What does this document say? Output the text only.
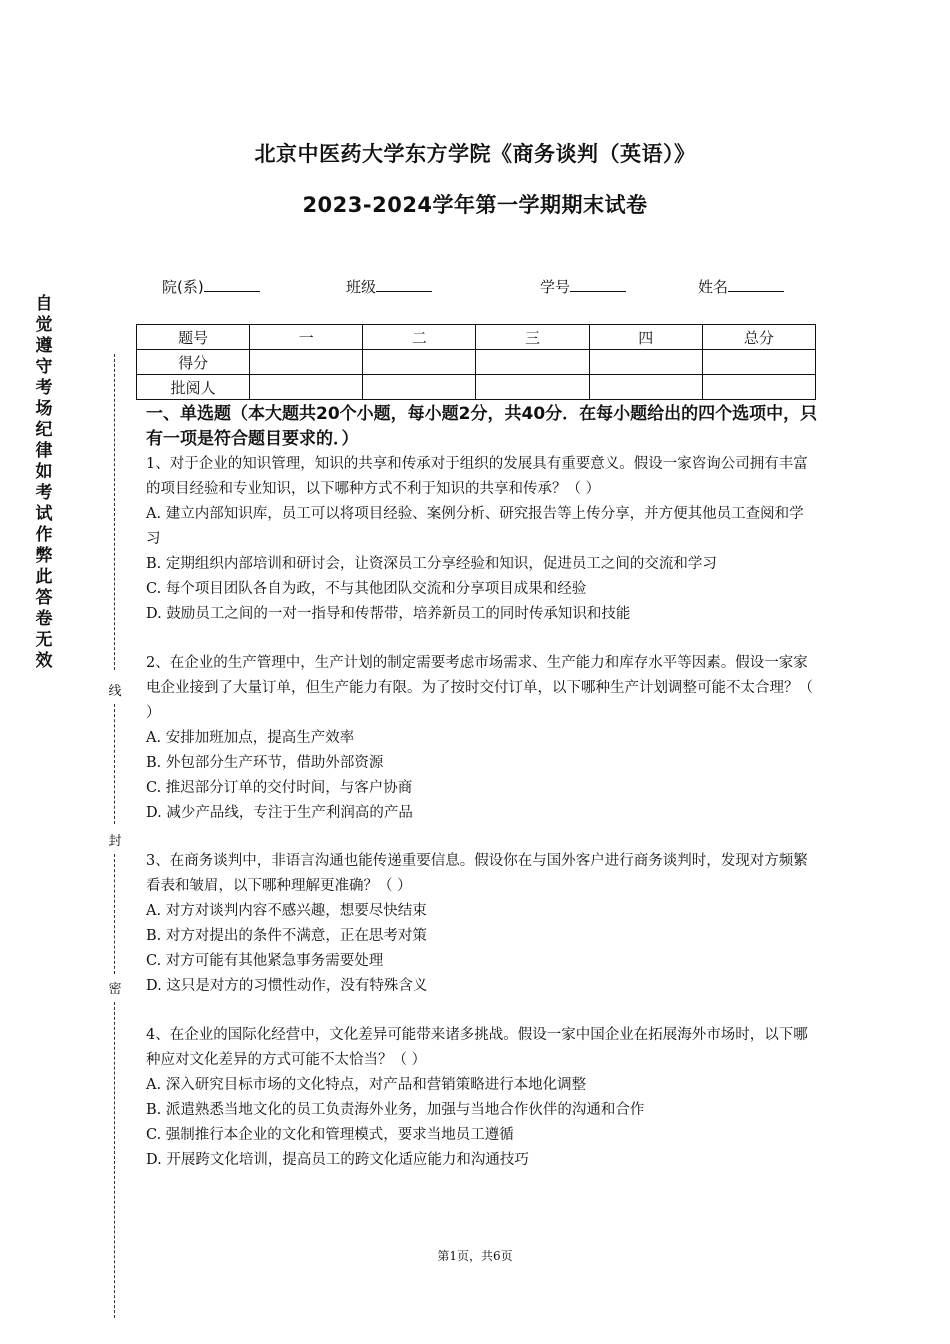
北京中医药大学东方学院《商务谈判（英语）》
2023-2024学年第一学期期末试卷
院(系)	班级	学号	姓名
题号	一	二	三	四	总分
得分					
批阅人					
自觉遵守考场纪律如考试作弊此答卷无效
线
封
密
一、单选题（本大题共20个小题，每小题2分，共40分．在每小题给出的四个选项中，只有一项是符合题目要求的．）

1、对于企业的知识管理，知识的共享和传承对于组织的发展具有重要意义。假设一家咨询公司拥有丰富的项目经验和专业知识，以下哪种方式不利于知识的共享和传承？（ ）

A. 建立内部知识库，员工可以将项目经验、案例分析、研究报告等上传分享，并方便其他员工查阅和学习

B. 定期组织内部培训和研讨会，让资深员工分享经验和知识，促进员工之间的交流和学习

C. 每个项目团队各自为政，不与其他团队交流和分享项目成果和经验

D. 鼓励员工之间的一对一指导和传帮带，培养新员工的同时传承知识和技能

2、在企业的生产管理中，生产计划的制定需要考虑市场需求、生产能力和库存水平等因素。假设一家家电企业接到了大量订单，但生产能力有限。为了按时交付订单，以下哪种生产计划调整可能不太合理？（ ）

A. 安排加班加点，提高生产效率

B. 外包部分生产环节，借助外部资源

C. 推迟部分订单的交付时间，与客户协商

D. 减少产品线，专注于生产利润高的产品

3、在商务谈判中，非语言沟通也能传递重要信息。假设你在与国外客户进行商务谈判时，发现对方频繁看表和皱眉，以下哪种理解更准确？（ ）

A. 对方对谈判内容不感兴趣，想要尽快结束

B. 对方对提出的条件不满意，正在思考对策

C. 对方可能有其他紧急事务需要处理

D. 这只是对方的习惯性动作，没有特殊含义

4、在企业的国际化经营中，文化差异可能带来诸多挑战。假设一家中国企业在拓展海外市场时，以下哪种应对文化差异的方式可能不太恰当？（ ）

A. 深入研究目标市场的文化特点，对产品和营销策略进行本地化调整

B. 派遣熟悉当地文化的员工负责海外业务，加强与当地合作伙伴的沟通和合作

C. 强制推行本企业的文化和管理模式，要求当地员工遵循

D. 开展跨文化培训，提高员工的跨文化适应能力和沟通技巧

第1页，共6页
